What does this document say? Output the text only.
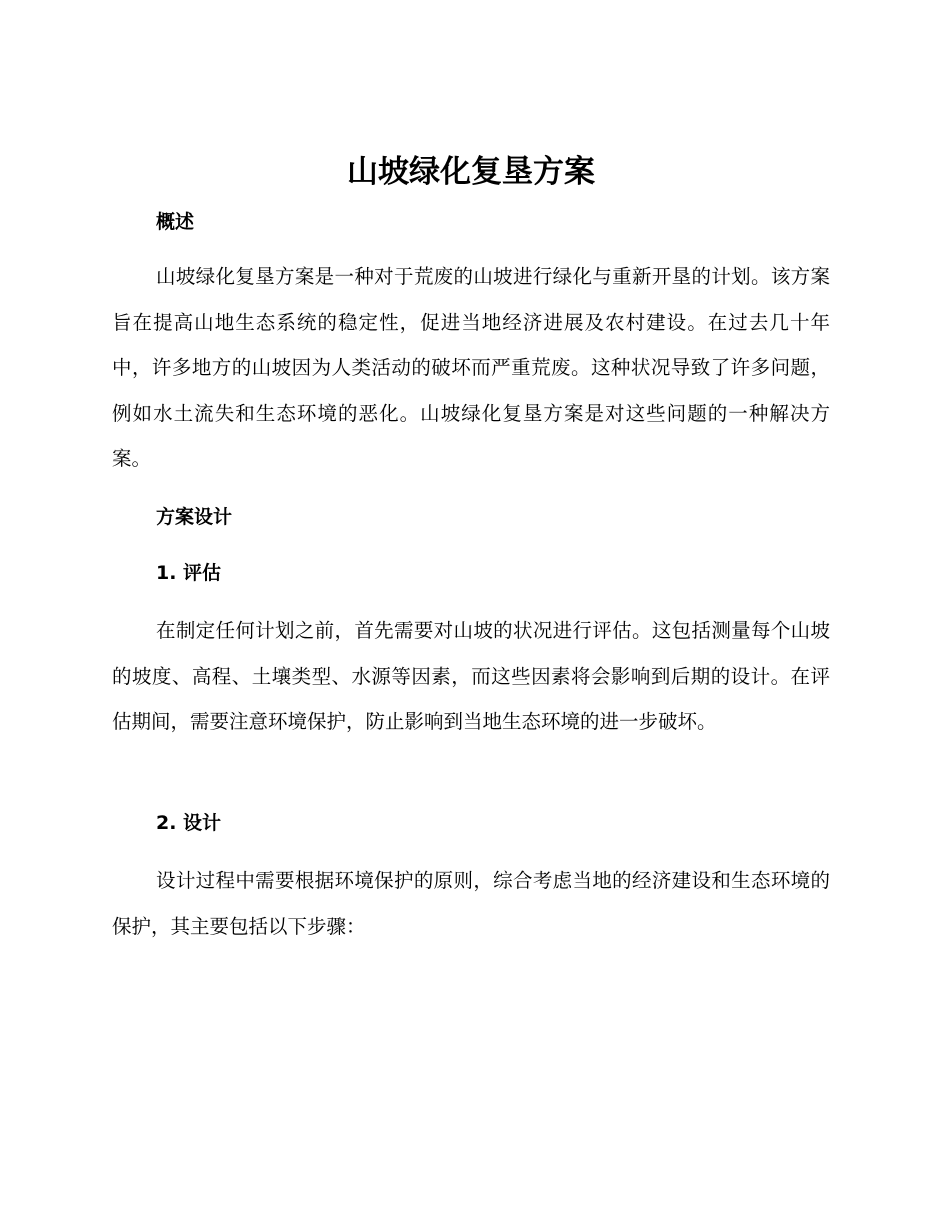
山坡绿化复垦方案
概述

山坡绿化复垦方案是一种对于荒废的山坡进行绿化与重新开垦的计划。该方案旨在提高山地生态系统的稳定性，促进当地经济进展及农村建设。在过去几十年中，许多地方的山坡因为人类活动的破坏而严重荒废。这种状况导致了许多问题，例如水土流失和生态环境的恶化。山坡绿化复垦方案是对这些问题的一种解决方案。

方案设计
1. 评估

在制定任何计划之前，首先需要对山坡的状况进行评估。这包括测量每个山坡的坡度、高程、土壤类型、水源等因素，而这些因素将会影响到后期的设计。在评估期间，需要注意环境保护，防止影响到当地生态环境的进一步破坏。

2. 设计

设计过程中需要根据环境保护的原则，综合考虑当地的经济建设和生态环境的保护，其主要包括以下步骤：
